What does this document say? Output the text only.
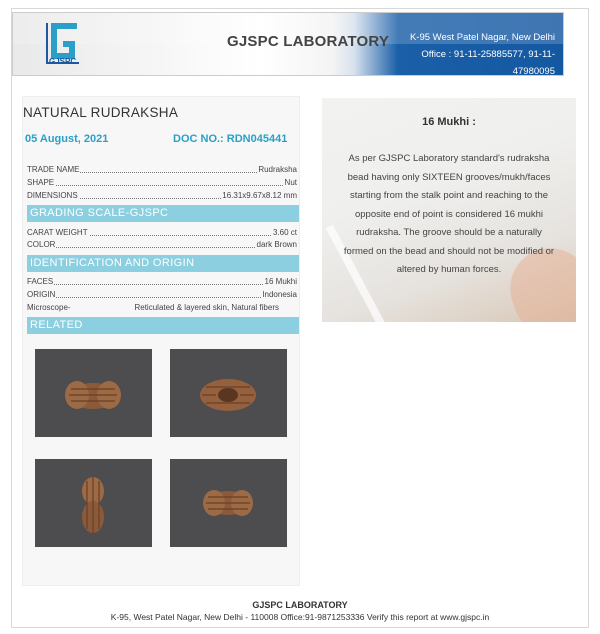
GJSPC
GJSPC LABORATORY	K-95 West Patel Nagar, New Delhi
Office : 91-11-25885577, 91-11-47980095
NATURAL RUDRAKSHA
05 August, 2021	DOC NO.: RDN045441
TRADE NAME	Rudraksha
SHAPE	Nut
DIMENSIONS	16.31x9.67x8.12 mm
GRADING SCALE-GJSPC
CARAT WEIGHT	3.60 ct
COLOR	dark Brown
IDENTIFICATION AND ORIGIN
FACES	16 Mukhi
ORIGIN	Indonesia
Microscope-	Reticulated & layered skin, Natural fibers
RELATED
16 Mukhi :
As per GJSPC Laboratory standard's rudraksha bead having only SIXTEEN grooves/mukh/faces starting from the stalk point and reaching to the opposite end of point is considered 16 mukhi rudraksha. The groove should be a naturally formed on the bead and should not be modified or altered by human forces.
GJSPC LABORATORY
K-95, West Patel Nagar, New Delhi - 110008 Office:91-9871253336 Verify this report at www.gjspc.in
